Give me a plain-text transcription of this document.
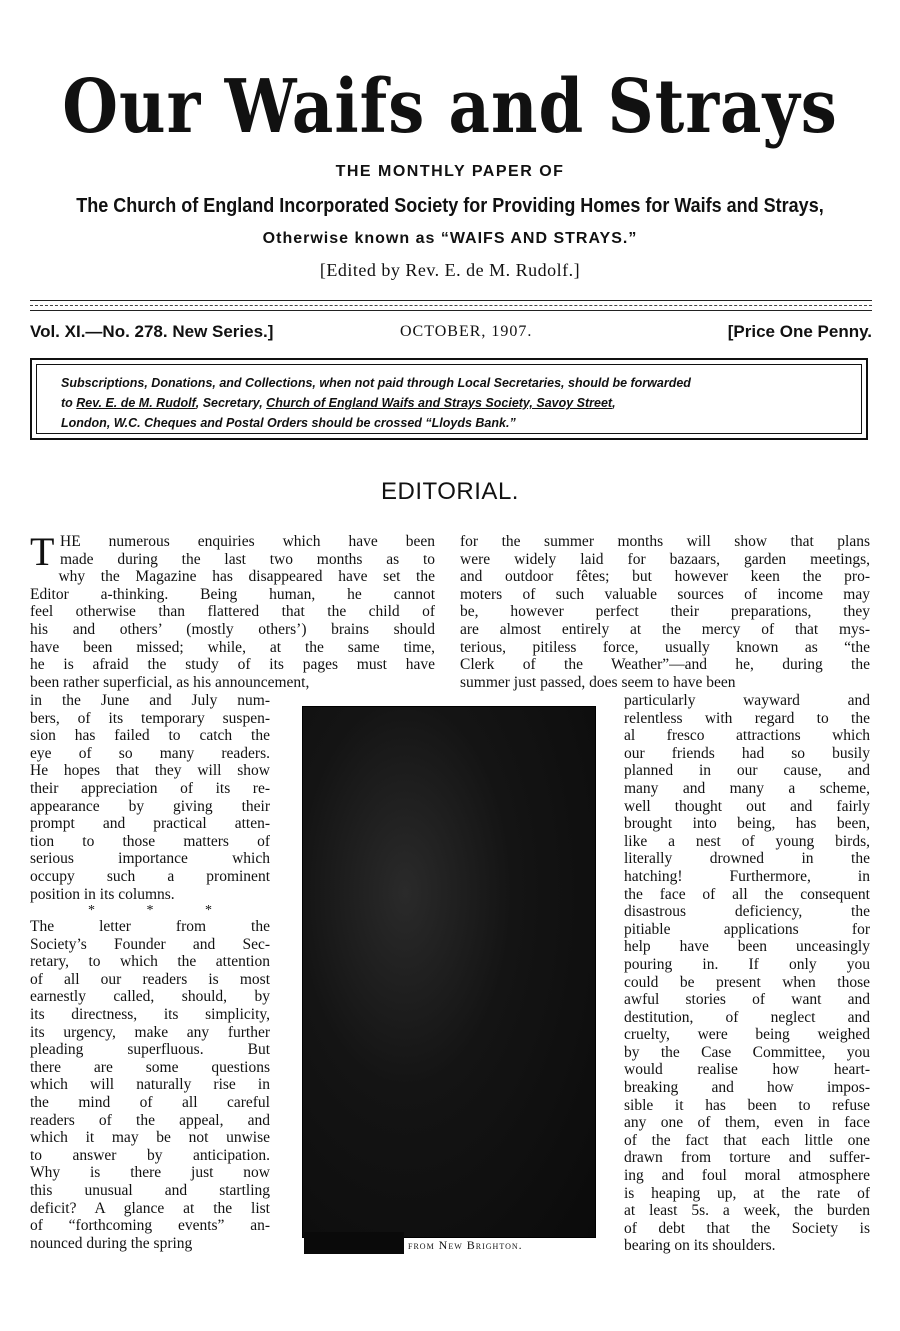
Our Waifs and Strays
THE MONTHLY PAPER OF
The Church of England Incorporated Society for Providing Homes for Waifs and Strays,
Otherwise known as “WAIFS AND STRAYS.”
[Edited by Rev. E. de M. Rudolf.]
Vol. XI.—No. 278. New Series.]	OCTOBER, 1907.	[Price One Penny.
Subscriptions, Donations, and Collections, when not paid through Local Secretaries, should be forwarded
to Rev. E. de M. Rudolf, Secretary, Church of England Waifs and Strays Society, Savoy Street,
London, W.C. Cheques and Postal Orders should be crossed “Lloyds Bank.”
EDITORIAL.
T HE numerous enquiries which have been
made during the last two months as to
why the Magazine has disappeared have set the
Editor a-thinking. Being human, he cannot
feel otherwise than flattered that the child of
his and others’ (mostly others’) brains should
have been missed; while, at the same time,
he is afraid the study of its pages must have
been rather superficial, as his announcement,
in the June and July num-
bers, of its temporary suspen-
sion has failed to catch the
eye of so many readers.
He hopes that they will show
their appreciation of its re-
appearance by giving their
prompt and practical atten-
tion to those matters of
serious importance which
occupy such a prominent
position in its columns.
* * *
The letter from the
Society’s Founder and Sec-
retary, to which the attention
of all our readers is most
earnestly called, should, by
its directness, its simplicity,
its urgency, make any further
pleading superfluous. But
there are some questions
which will naturally rise in
the mind of all careful
readers of the appeal, and
which it may be not unwise
to answer by anticipation.
Why is there just now
this unusual and startling
deficit? A glance at the list
of “forthcoming events” an-
nounced during the spring
for the summer months will show that plans
were widely laid for bazaars, garden meetings,
and outdoor fêtes; but however keen the pro-
moters of such valuable sources of income may
be, however perfect their preparations, they
are almost entirely at the mercy of that mys-
terious, pitiless force, usually known as “the
Clerk of the Weather”—and he, during the
summer just passed, does seem to have been
particularly wayward and
relentless with regard to the
al fresco attractions which
our friends had so busily
planned in our cause, and
many and many a scheme,
well thought out and fairly
brought into being, has been,
like a nest of young birds,
literally drowned in the
hatching! Furthermore, in
the face of all the consequent
disastrous deficiency, the
pitiable applications for
help have been unceasingly
pouring in. If only you
could be present when those
awful stories of want and
destitution, of neglect and
cruelty, were being weighed
by the Case Committee, you
would realise how heart-
breaking and how impos-
sible it has been to refuse
any one of them, even in face
of the fact that each little one
drawn from torture and suffer-
ing and foul moral atmosphere
is heaping up, at the rate of
at least 5s. a week, the burden
of debt that the Society is
bearing on its shoulders.
from New Brighton.
